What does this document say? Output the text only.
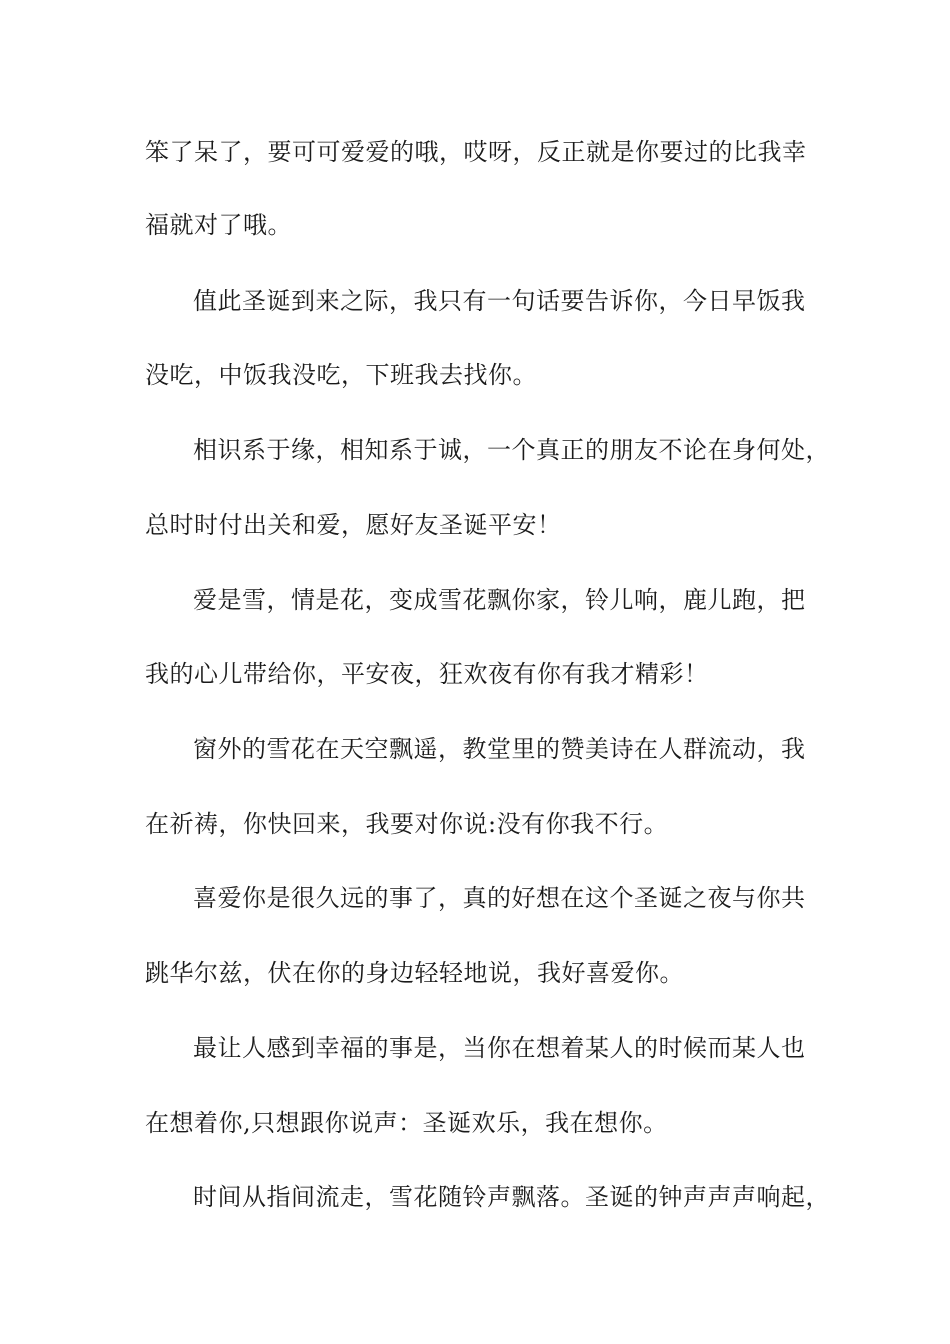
笨了呆了，要可可爱爱的哦，哎呀，反正就是你要过的比我幸
福就对了哦。
值此圣诞到来之际，我只有一句话要告诉你，今日早饭我
没吃，中饭我没吃，下班我去找你。
相识系于缘，相知系于诚，一个真正的朋友不论在身何处，
总时时付出关和爱，愿好友圣诞平安！
爱是雪，情是花，变成雪花飘你家，铃儿响，鹿儿跑，把
我的心儿带给你，平安夜，狂欢夜有你有我才精彩！
窗外的雪花在天空飘遥，教堂里的赞美诗在人群流动，我
在祈祷，你快回来，我要对你说:没有你我不行。
喜爱你是很久远的事了，真的好想在这个圣诞之夜与你共
跳华尔兹，伏在你的身边轻轻地说，我好喜爱你。
最让人感到幸福的事是，当你在想着某人的时候而某人也
在想着你,只想跟你说声：圣诞欢乐，我在想你。
时间从指间流走，雪花随铃声飘落。圣诞的钟声声声响起，
